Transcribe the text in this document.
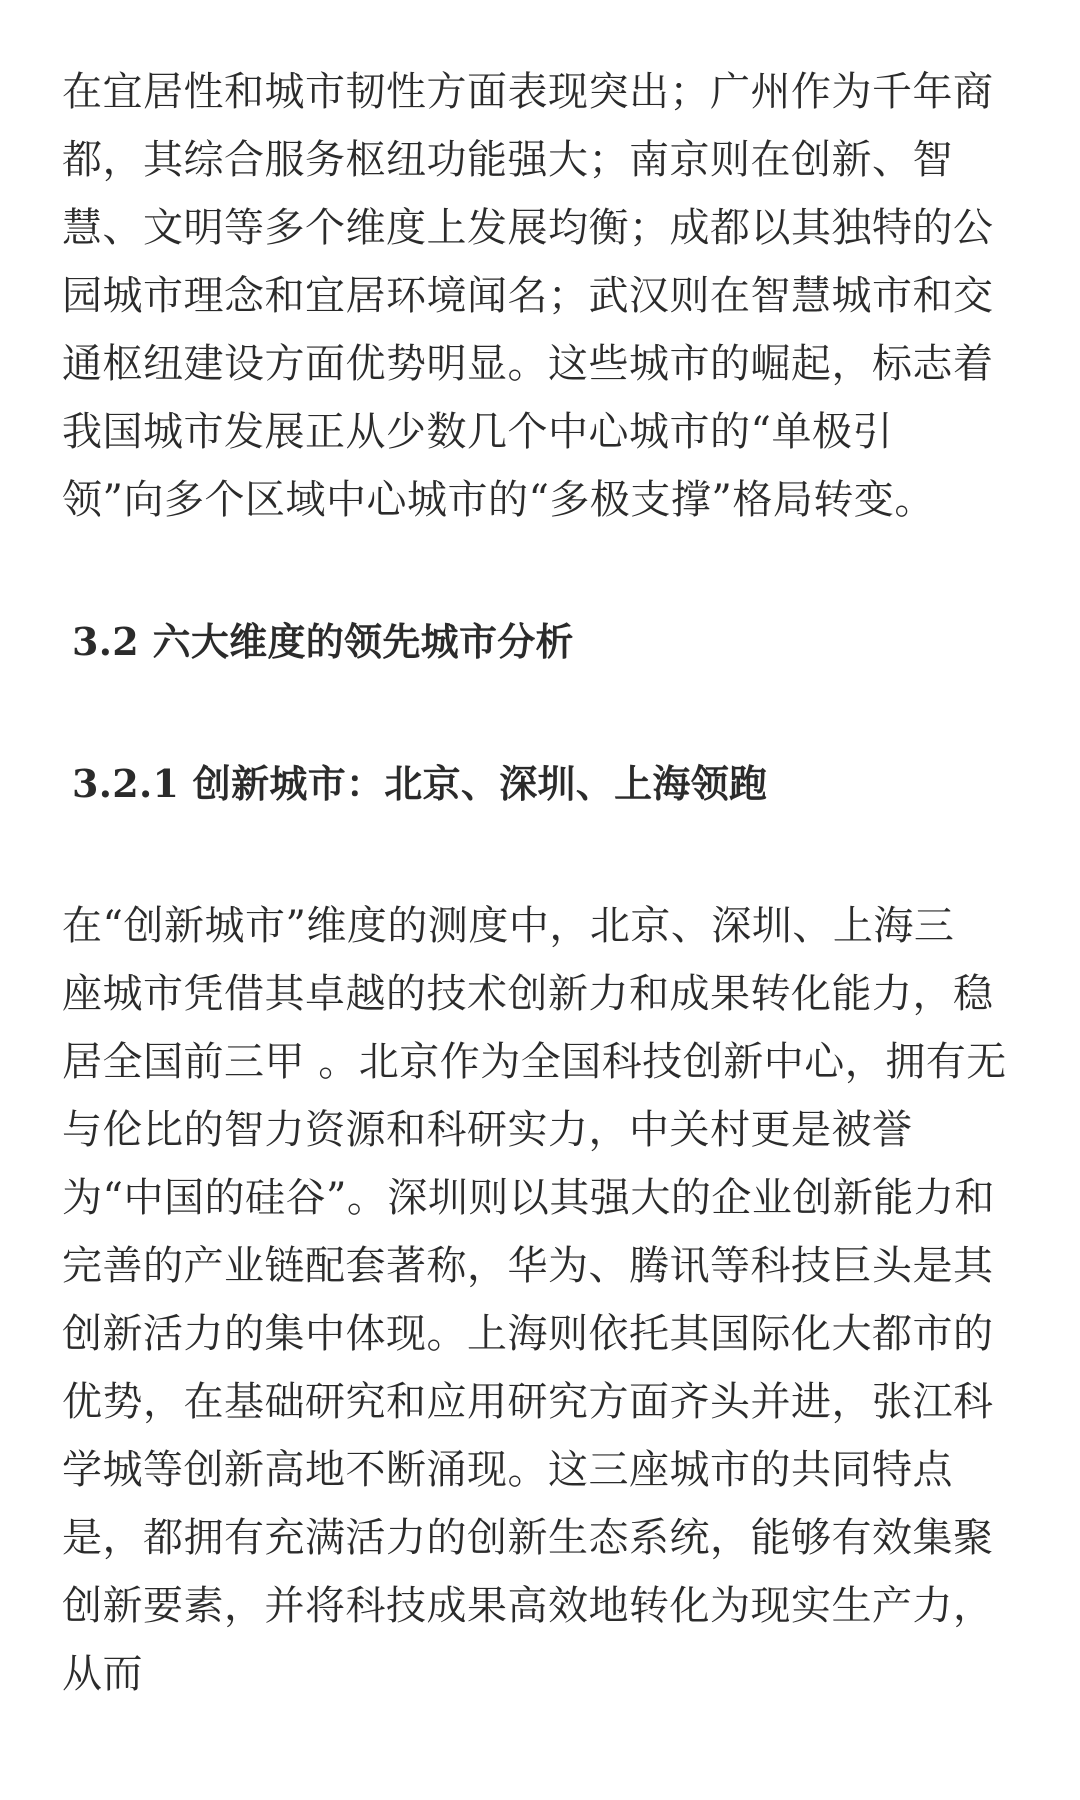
在宜居性和城市韧性方面表现突出；广州作为千年商
都，其综合服务枢纽功能强大；南京则在创新、智
慧、文明等多个维度上发展均衡；成都以其独特的公
园城市理念和宜居环境闻名；武汉则在智慧城市和交
通枢纽建设方面优势明显。这些城市的崛起，标志着
我国城市发展正从少数几个中心城市的“单极引
领”向多个区域中心城市的“多极支撑”格局转变。

3.2 六大维度的领先城市分析
3.2.1 创新城市：北京、深圳、上海领跑

在“创新城市”维度的测度中，北京、深圳、上海三
座城市凭借其卓越的技术创新力和成果转化能力，稳
居全国前三甲 。北京作为全国科技创新中心，拥有无
与伦比的智力资源和科研实力，中关村更是被誉
为“中国的硅谷”。深圳则以其强大的企业创新能力和
完善的产业链配套著称，华为、腾讯等科技巨头是其
创新活力的集中体现。上海则依托其国际化大都市的
优势，在基础研究和应用研究方面齐头并进，张江科
学城等创新高地不断涌现。这三座城市的共同特点
是，都拥有充满活力的创新生态系统，能够有效集聚
创新要素，并将科技成果高效地转化为现实生产力，
从而
